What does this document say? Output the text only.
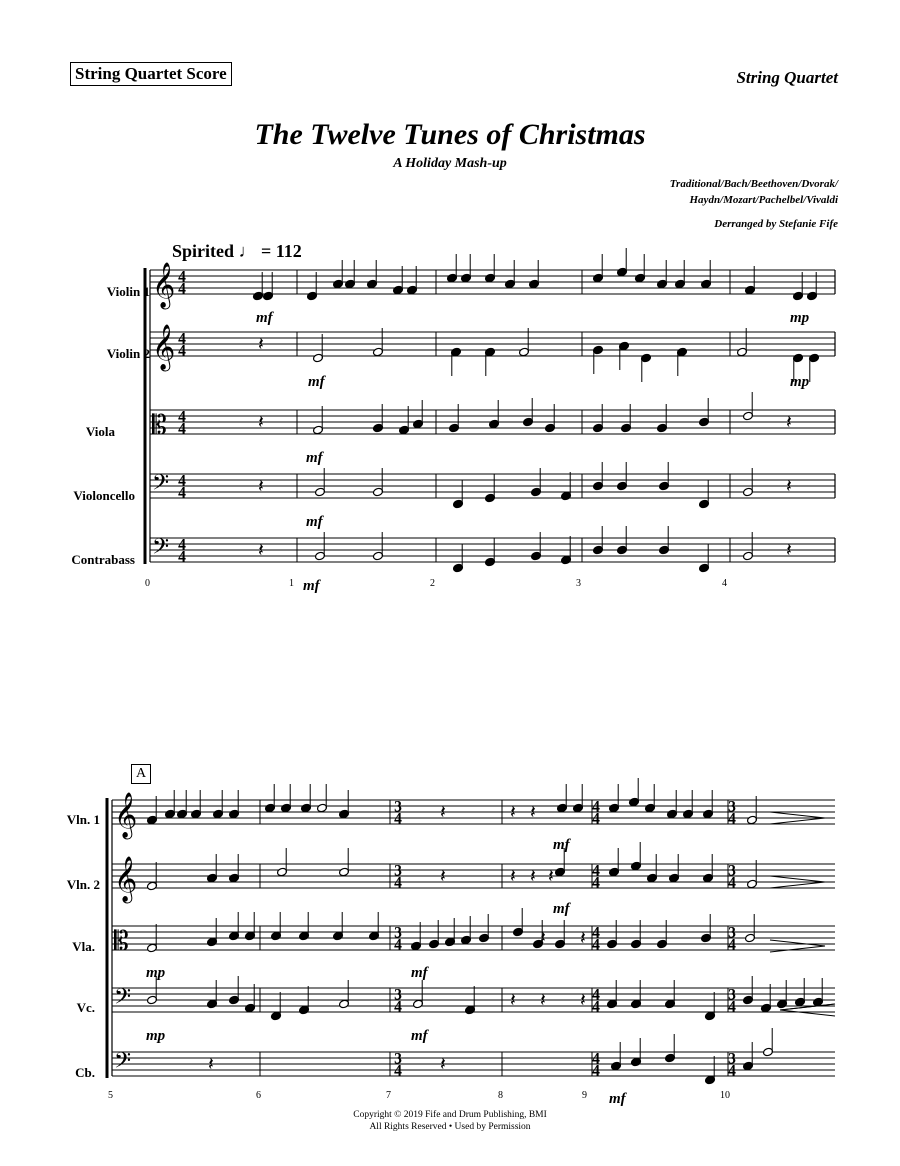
String Quartet Score	String Quartet
The Twelve Tunes of Christmas
A Holiday Mash-up
Traditional/Bach/Beethoven/Dvorak/
Haydn/Mozart/Pachelbel/Vivaldi
Derranged by Stefanie Fife
Spirited ♩ = 112
Violin 1
Violin 2
Viola
Violoncello
Contrabass
Vln. 1
Vln. 2
Vla.
Vc.
Cb.
A
𝄞 4
4
𝄞 4
4
𝄡 4
4
𝄢 4
4
𝄢 4
4
𝄽
𝄽
𝄽
𝄽
𝄽
𝄽
𝄽
mf
mf
mf
mf
mf
mp
mp
0	1	2	3	4
𝄞	3
4
4
4
3
4
𝄞	3
4
4
4
3
4
𝄡	3
4
4
4
3
4
𝄢	3
4
4
4
3
4
𝄢	3
4
4
4
3
4
𝄽
𝄽
𝄽	𝄽
𝄽 𝄽
𝄽 𝄽 𝄽
𝄽 𝄽
𝄽 𝄽 𝄽
mp
mp
mf
mf
mf
mf
mf
5	6	7	8	9	10
Copyright © 2019 Fife and Drum Publishing, BMI
All Rights Reserved • Used by Permission
